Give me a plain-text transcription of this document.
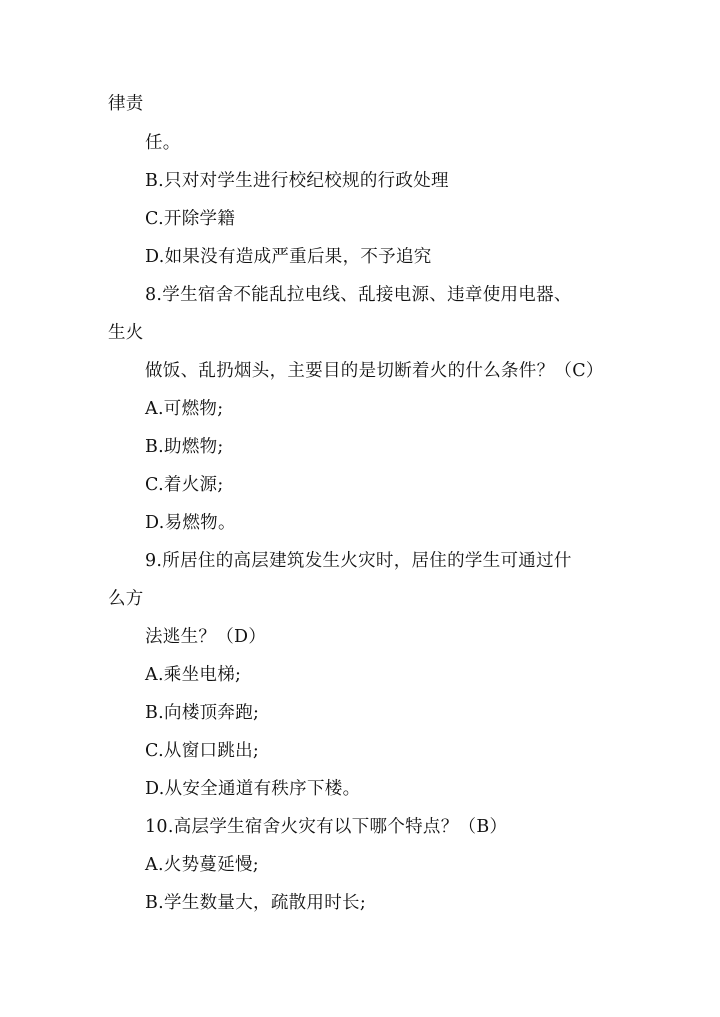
律责
任。
B.只对对学生进行校纪校规的行政处理
C.开除学籍
D.如果没有造成严重后果，不予追究
8.学生宿舍不能乱拉电线、乱接电源、违章使用电器、
生火
做饭、乱扔烟头，主要目的是切断着火的什么条件？（C）
A.可燃物;
B.助燃物;
C.着火源;
D.易燃物。
9.所居住的高层建筑发生火灾时，居住的学生可通过什
么方
法逃生？（D）
A.乘坐电梯;
B.向楼顶奔跑;
C.从窗口跳出;
D.从安全通道有秩序下楼。
10.高层学生宿舍火灾有以下哪个特点？（B）
A.火势蔓延慢;
B.学生数量大，疏散用时长;
